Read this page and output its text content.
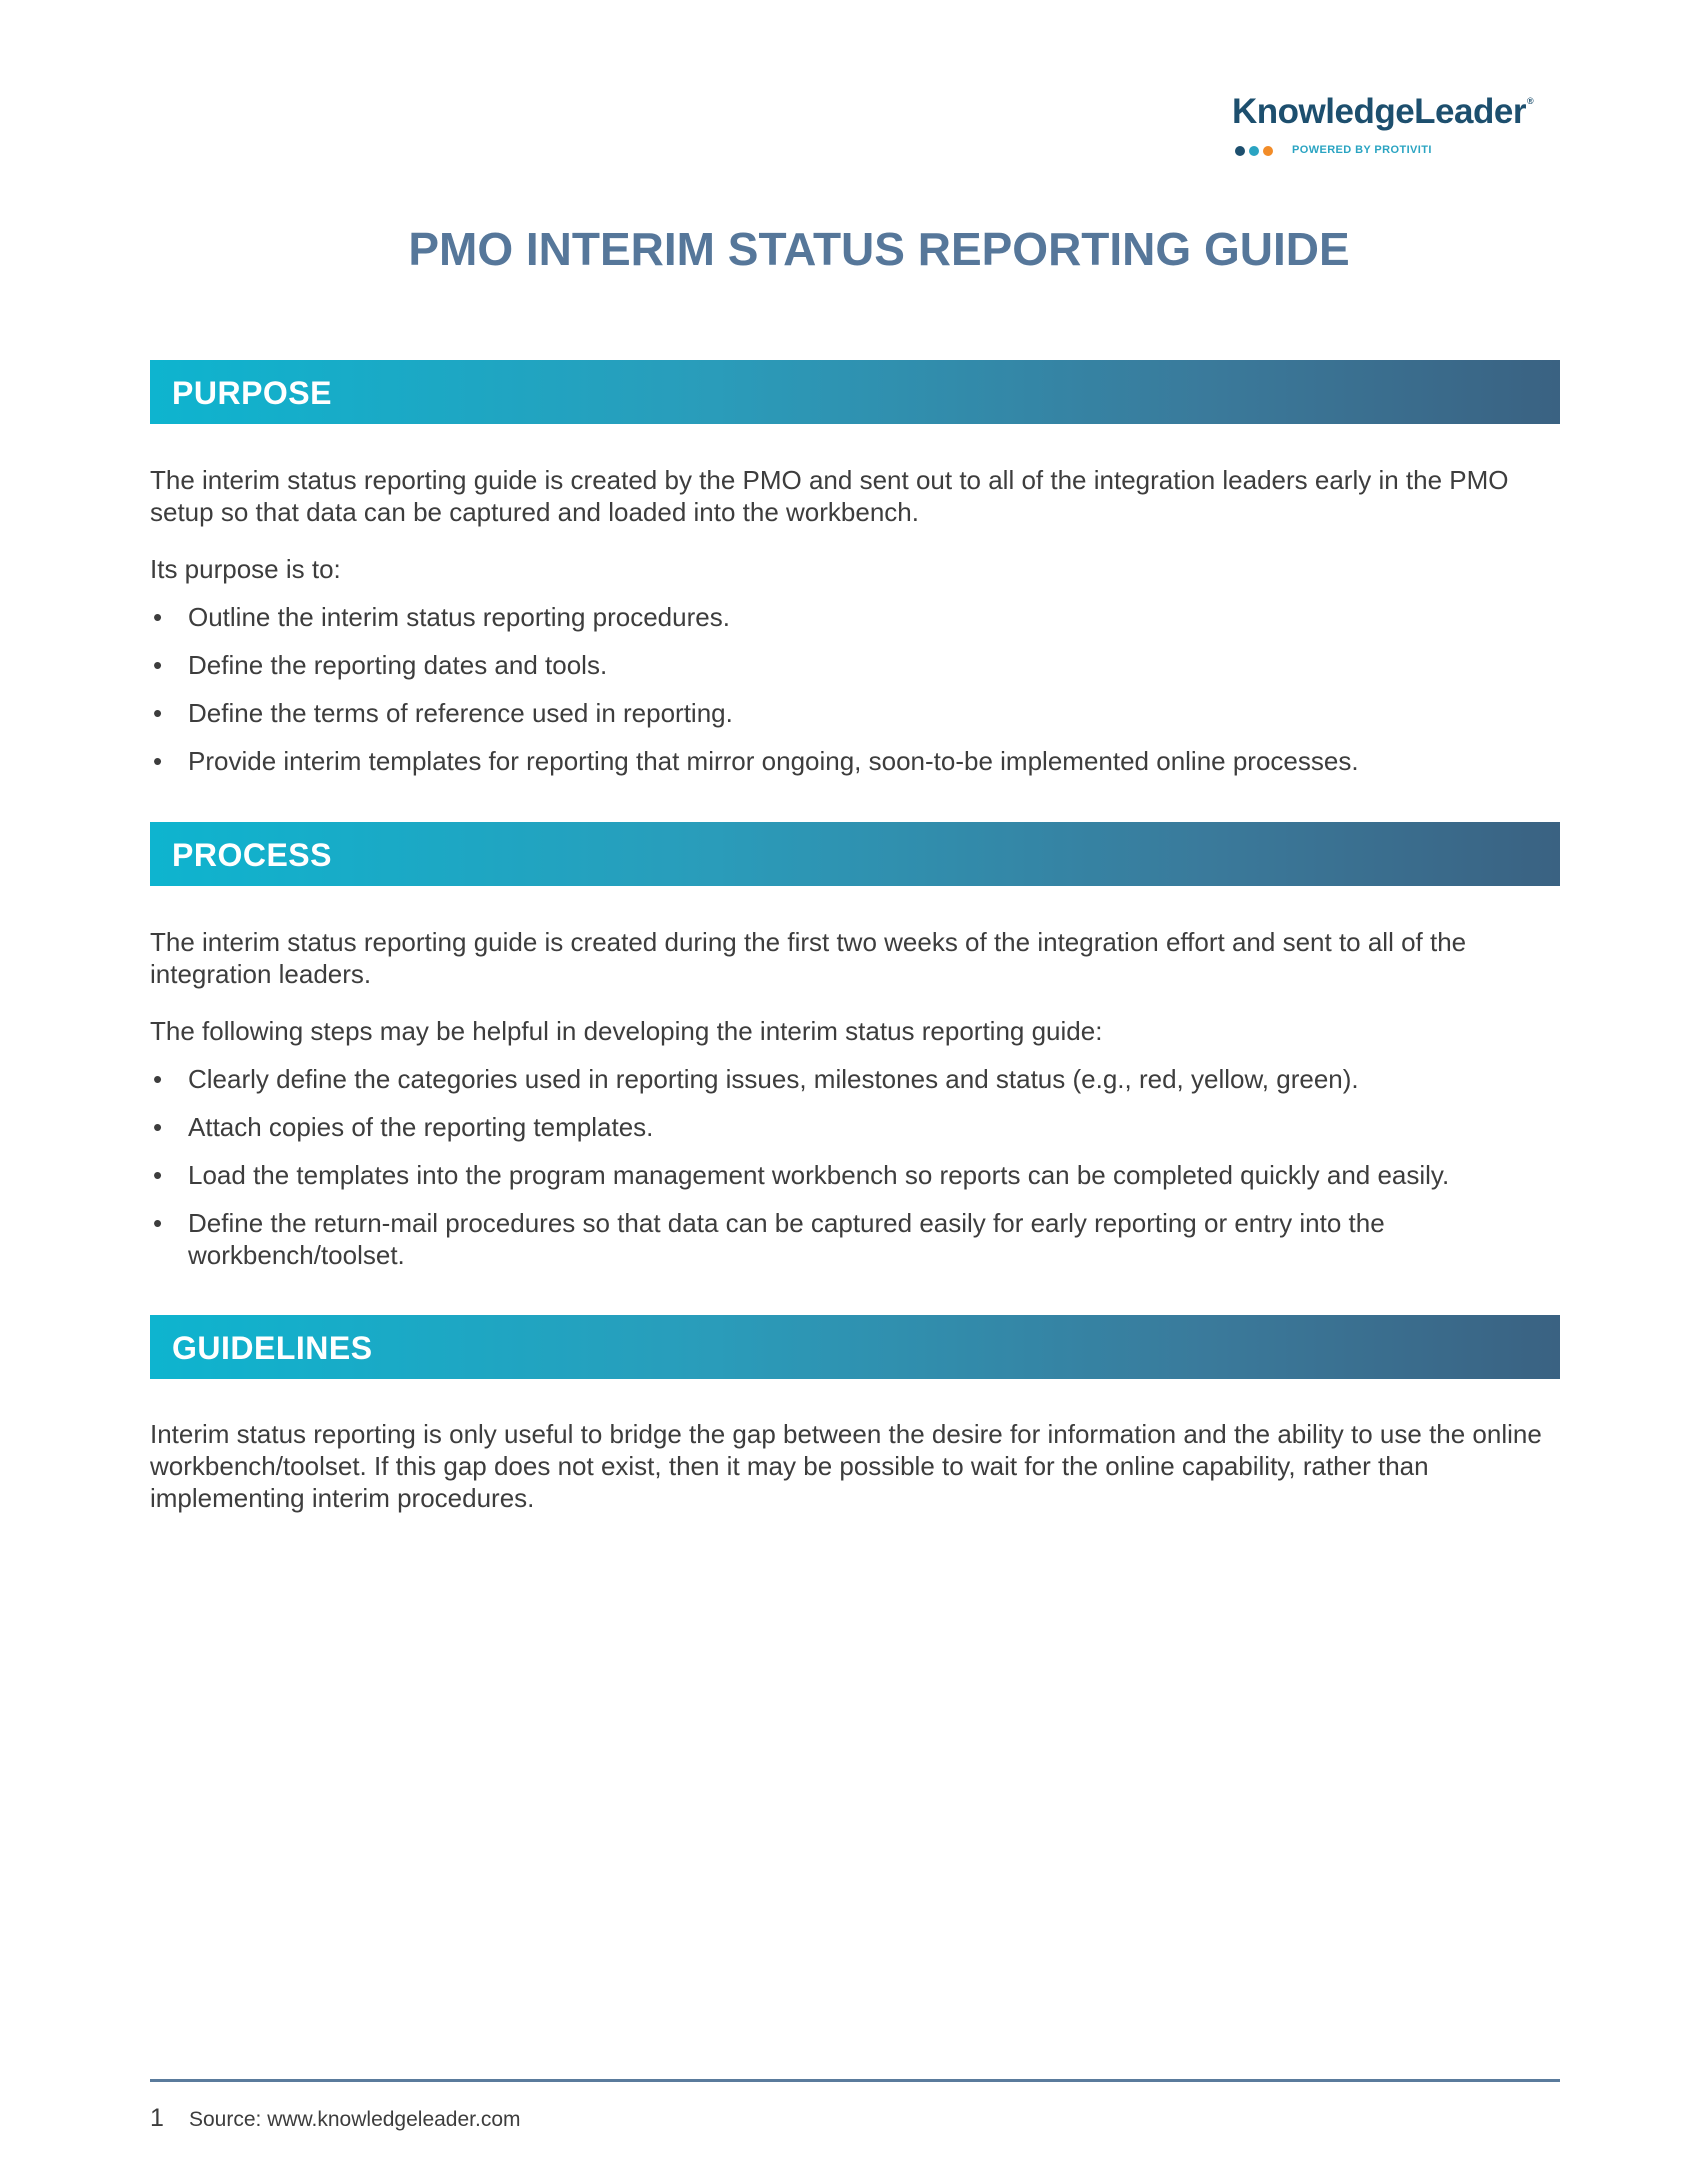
KnowledgeLeader®
POWERED BY PROTIVITI
PMO INTERIM STATUS REPORTING GUIDE
PURPOSE

The interim status reporting guide is created by the PMO and sent out to all of the integration leaders early in the PMO setup so that data can be captured and loaded into the workbench.

Its purpose is to:

• Outline the interim status reporting procedures.
• Define the reporting dates and tools.
• Define the terms of reference used in reporting.
• Provide interim templates for reporting that mirror ongoing, soon-to-be implemented online processes.
PROCESS

The interim status reporting guide is created during the first two weeks of the integration effort and sent to all of the integration leaders.

The following steps may be helpful in developing the interim status reporting guide:

• Clearly define the categories used in reporting issues, milestones and status (e.g., red, yellow, green).
• Attach copies of the reporting templates.
• Load the templates into the program management workbench so reports can be completed quickly and easily.
• Define the return-mail procedures so that data can be captured easily for early reporting or entry into the workbench/toolset.
GUIDELINES

Interim status reporting is only useful to bridge the gap between the desire for information and the ability to use the online workbench/toolset. If this gap does not exist, then it may be possible to wait for the online capability, rather than implementing interim procedures.

1 Source: www.knowledgeleader.com
